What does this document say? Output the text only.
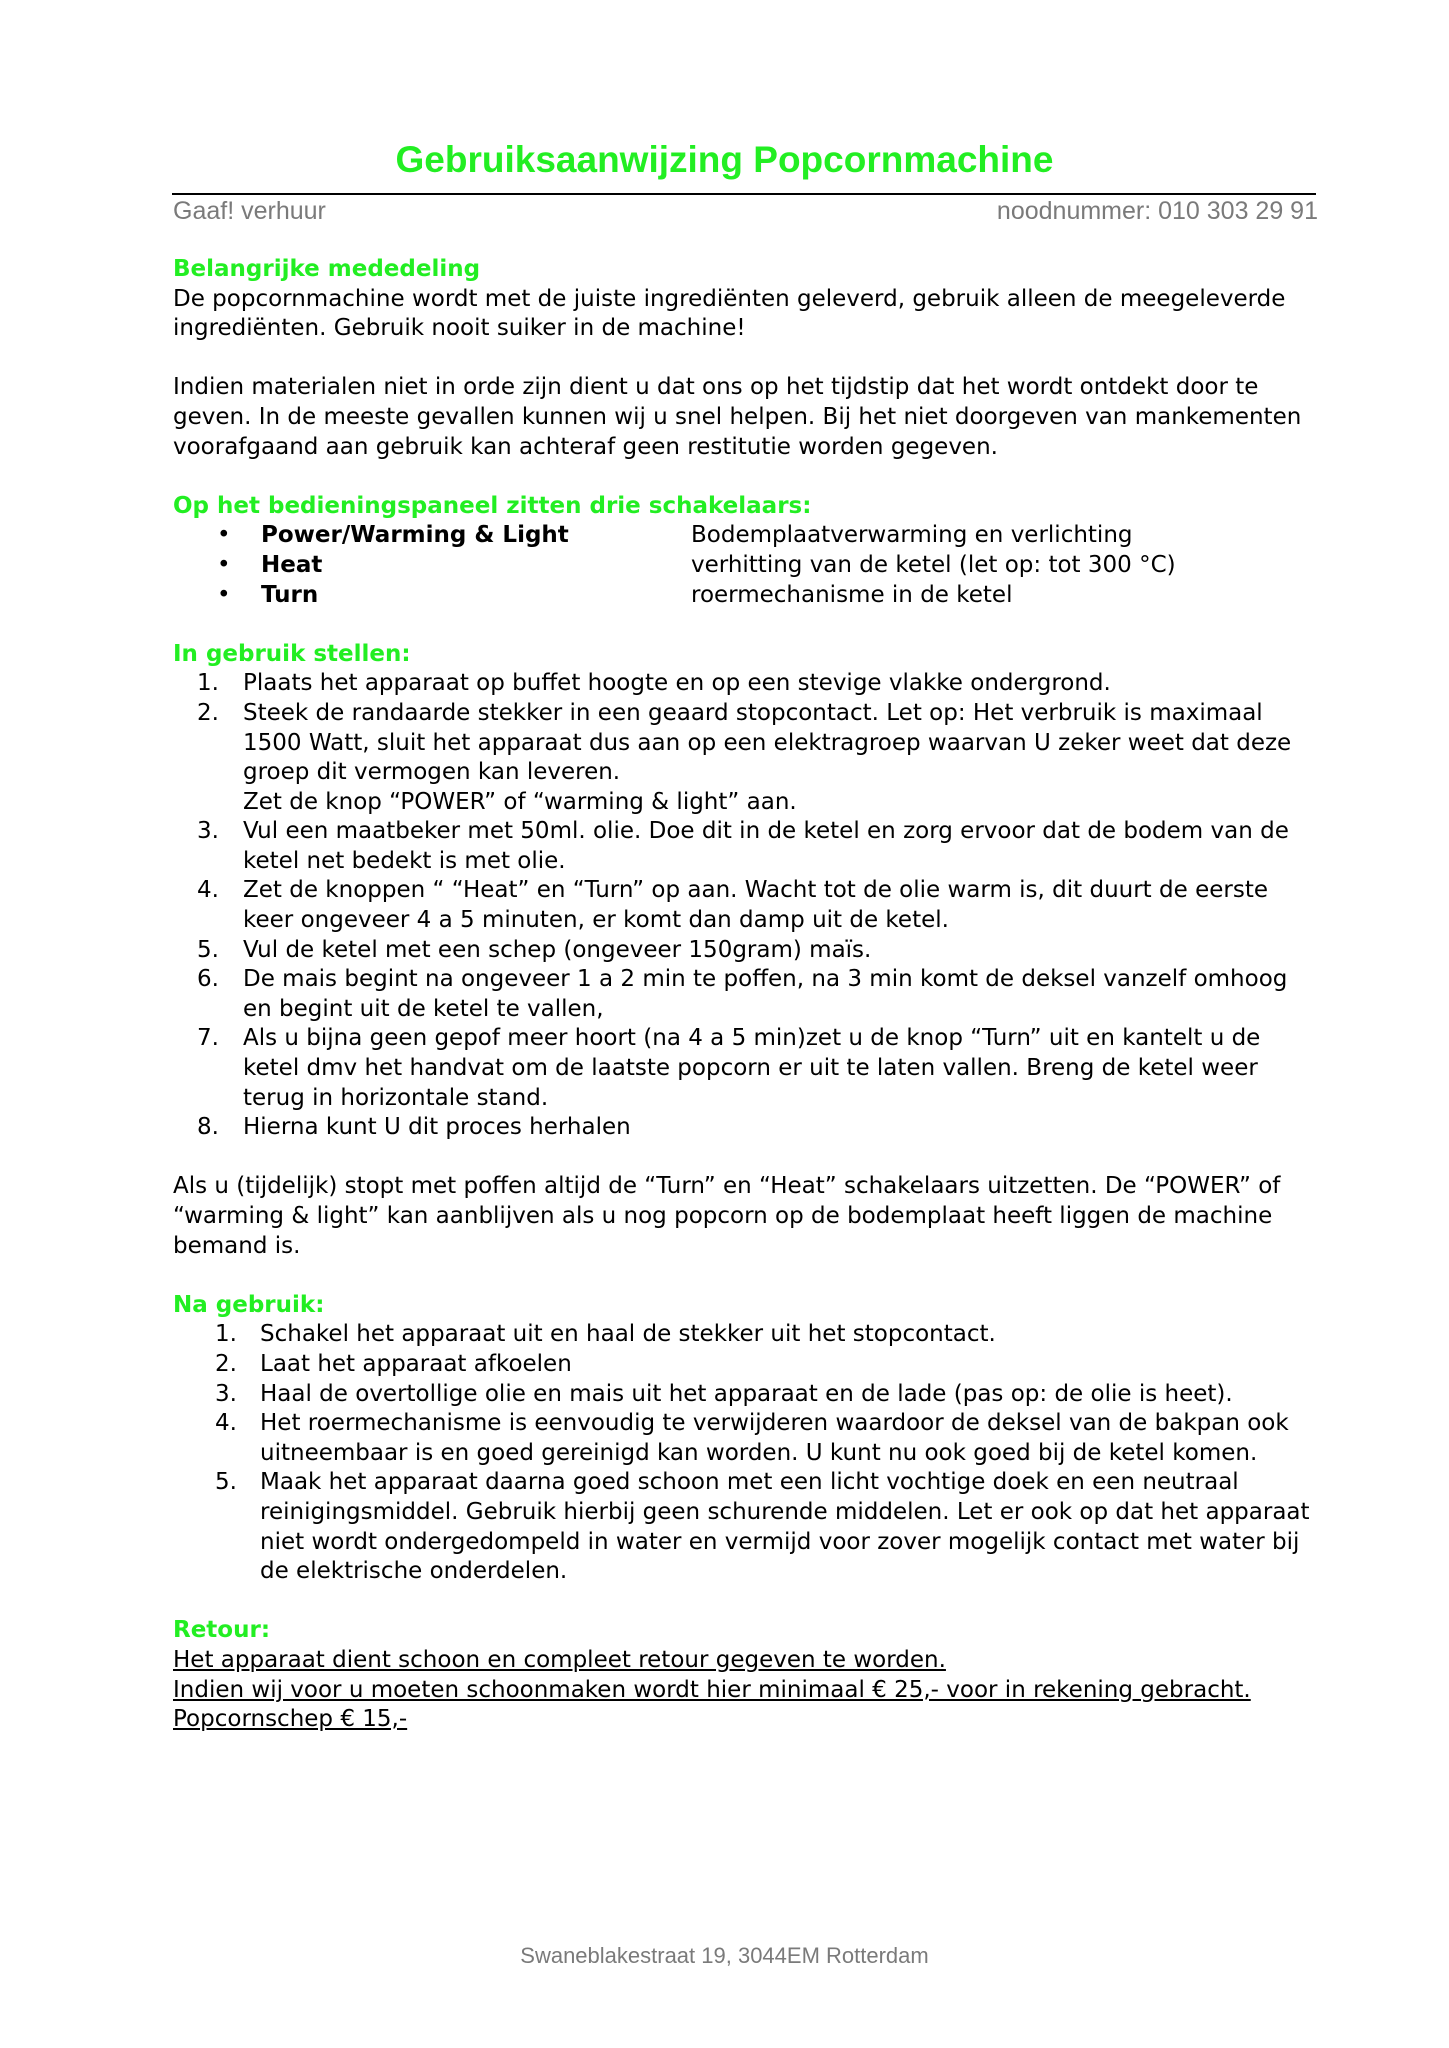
Gebruiksaanwijzing Popcornmachine
Gaaf! verhuur	noodnummer: 010 303 29 91

Belangrijke mededeling

De popcornmachine wordt met de juiste ingrediënten geleverd, gebruik alleen de meegeleverde ingrediënten. Gebruik nooit suiker in de machine!

Indien materialen niet in orde zijn dient u dat ons op het tijdstip dat het wordt ontdekt door te geven. In de meeste gevallen kunnen wij u snel helpen. Bij het niet doorgeven van mankementen voorafgaand aan gebruik kan achteraf geen restitutie worden gegeven.

Op het bedieningspaneel zitten drie schakelaars:

•	Power/Warming & Light	Bodemplaatverwarming en verlichting
•	Heat	verhitting van de ketel (let op: tot 300 °C)
•	Turn	roermechanisme in de ketel

In gebruik stellen:

1. Plaats het apparaat op buffet hoogte en op een stevige vlakke ondergrond.
2. Steek de randaarde stekker in een geaard stopcontact. Let op: Het verbruik is maximaal 1500 Watt, sluit het apparaat dus aan op een elektragroep waarvan U zeker weet dat deze groep dit vermogen kan leveren.
Zet de knop “POWER” of “warming & light” aan.
3. Vul een maatbeker met 50ml. olie. Doe dit in de ketel en zorg ervoor dat de bodem van de ketel net bedekt is met olie.
4. Zet de knoppen “ “Heat” en “Turn” op aan. Wacht tot de olie warm is, dit duurt de eerste keer ongeveer 4 a 5 minuten, er komt dan damp uit de ketel.
5. Vul de ketel met een schep (ongeveer 150gram) maïs.
6. De mais begint na ongeveer 1 a 2 min te poffen, na 3 min komt de deksel vanzelf omhoog en begint uit de ketel te vallen,
7. Als u bijna geen gepof meer hoort (na 4 a 5 min)zet u de knop “Turn” uit en kantelt u de ketel dmv het handvat om de laatste popcorn er uit te laten vallen. Breng de ketel weer terug in horizontale stand.
8. Hierna kunt U dit proces herhalen

Als u (tijdelijk) stopt met poffen altijd de “Turn” en “Heat” schakelaars uitzetten. De “POWER” of “warming & light” kan aanblijven als u nog popcorn op de bodemplaat heeft liggen de machine bemand is.

Na gebruik:

1. Schakel het apparaat uit en haal de stekker uit het stopcontact.
2. Laat het apparaat afkoelen
3. Haal de overtollige olie en mais uit het apparaat en de lade (pas op: de olie is heet).
4. Het roermechanisme is eenvoudig te verwijderen waardoor de deksel van de bakpan ook uitneembaar is en goed gereinigd kan worden. U kunt nu ook goed bij de ketel komen.
5. Maak het apparaat daarna goed schoon met een licht vochtige doek en een neutraal reinigingsmiddel. Gebruik hierbij geen schurende middelen. Let er ook op dat het apparaat niet wordt ondergedompeld in water en vermijd voor zover mogelijk contact met water bij de elektrische onderdelen.

Retour:

Het apparaat dient schoon en compleet retour gegeven te worden.

Indien wij voor u moeten schoonmaken wordt hier minimaal € 25,- voor in rekening gebracht. Popcornschep € 15,-

Swaneblakestraat 19, 3044EM Rotterdam
